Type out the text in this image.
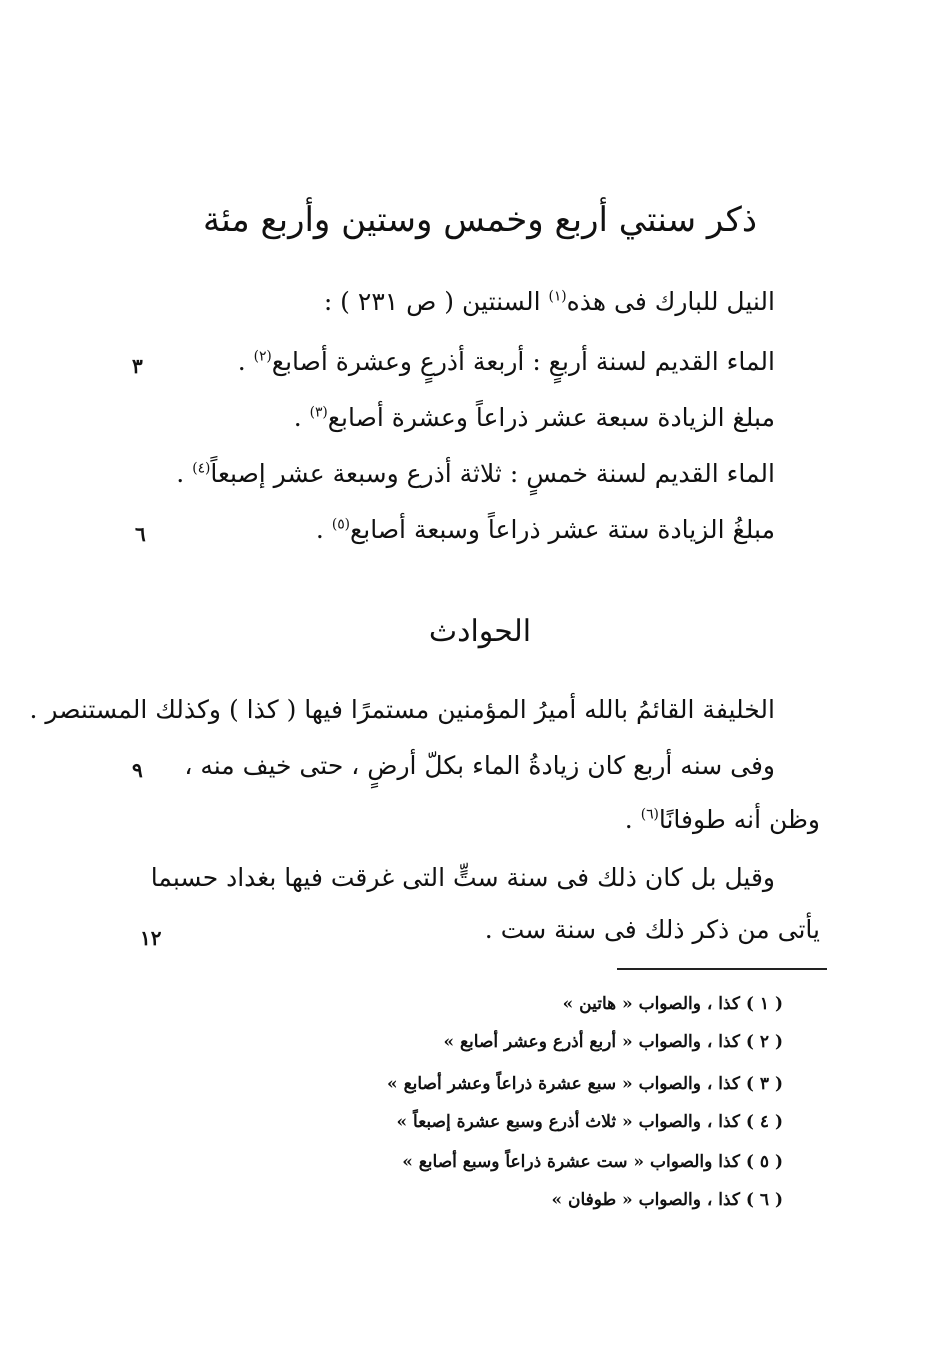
ذكر سنتي أربع وخمس وستين وأربع مئة
النيل للبارك فى هذه$^{(١)}$ السنتين ( ص ٢٣١ ) :
الماء القديم لسنة أربعٍ : أربعة أذرعٍ وعشرة أصابع$^{(٢)}$ .
مبلغ الزيادة سبعة عشر ذراعاً وعشرة أصابع$^{(٣)}$ .
الماء القديم لسنة خمسٍ : ثلاثة أذرع وسبعة عشر إصبعاً$^{(٤)}$ .
مبلغُ الزيادة ستة عشر ذراعاً وسبعة أصابع$^{(٥)}$ .
الحوادث
الخليفة القائمُ بالله أميرُ المؤمنين مستمرًا فيها ( كذا ) وكذلك المستنصر .
وفى سنه أربع كان زيادةُ الماء بكلّ أرضٍ ، حتى خيف منه ،
وظن أنه طوفانًا$^{(٦)}$ .
وقيل بل كان ذلك فى سنة ستٍّ التى غرقت فيها بغداد حسبما
يأتى من ذكر ذلك فى سنة ست .
٣
٦
٩
١٢
( ١ ) كذا ، والصواب « هاتين »
( ٢ ) كذا ، والصواب « أربع أذرع وعشر أصابع »
( ٣ ) كذا ، والصواب « سبع عشرة ذراعاً وعشر أصابع »
( ٤ ) كذا ، والصواب « ثلاث أذرع وسبع عشرة إصبعاً »
( ٥ ) كذا والصواب « ست عشرة ذراعاً وسبع أصابع »
( ٦ ) كذا ، والصواب « طوفان »
